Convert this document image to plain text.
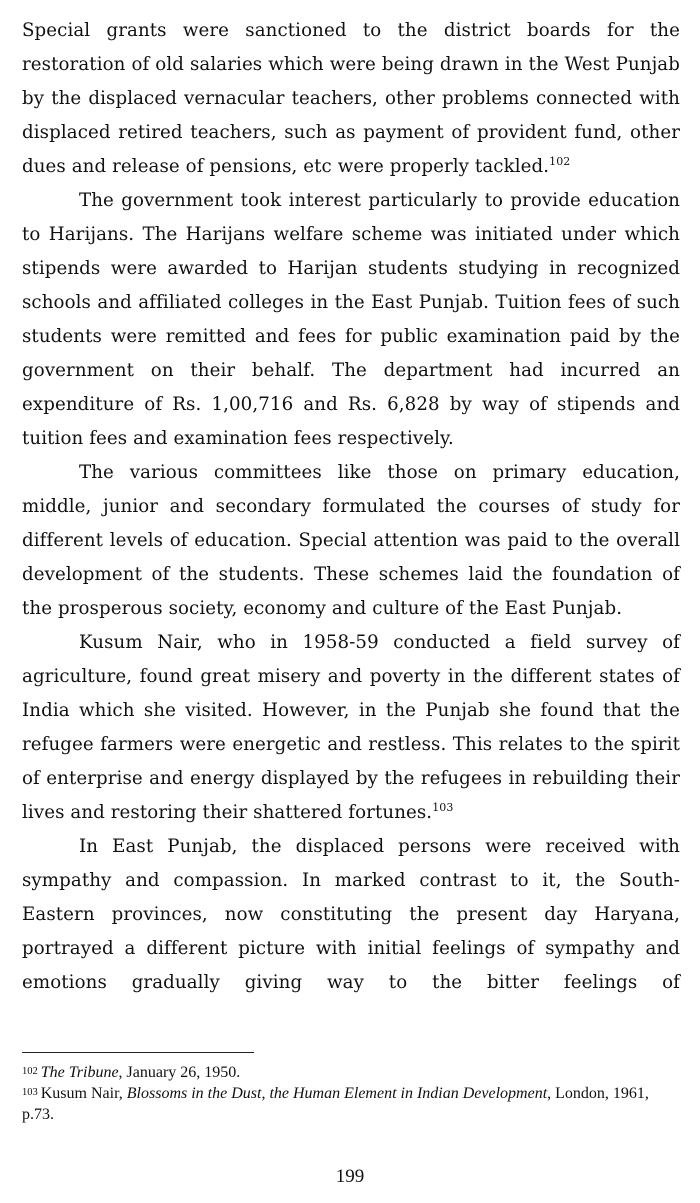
Special grants were sanctioned to the district boards for the restoration of old salaries which were being drawn in the West Punjab by the displaced vernacular teachers, other problems connected with displaced retired teachers, such as payment of provident fund, other dues and release of pensions, etc were properly tackled.$^{102}$

The government took interest particularly to provide education to Harijans. The Harijans welfare scheme was initiated under which stipends were awarded to Harijan students studying in recognized schools and affiliated colleges in the East Punjab. Tuition fees of such students were remitted and fees for public examination paid by the government on their behalf. The department had incurred an expenditure of Rs. 1,00,716 and Rs. 6,828 by way of stipends and tuition fees and examination fees respectively.

The various committees like those on primary education, middle, junior and secondary formulated the courses of study for different levels of education. Special attention was paid to the overall development of the students. These schemes laid the foundation of the prosperous society, economy and culture of the East Punjab.

Kusum Nair, who in 1958-59 conducted a field survey of agriculture, found great misery and poverty in the different states of India which she visited. However, in the Punjab she found that the refugee farmers were energetic and restless. This relates to the spirit of enterprise and energy displayed by the refugees in rebuilding their lives and restoring their shattered fortunes.$^{103}$

In East Punjab, the displaced persons were received with sympathy and compassion. In marked contrast to it, the South-Eastern provinces, now constituting the present day Haryana, portrayed a different picture with initial feelings of sympathy and emotions gradually giving way to the bitter feelings of

102 The Tribune, January 26, 1950.

103 Kusum Nair, Blossoms in the Dust, the Human Element in Indian Development, London, 1961, p.73.

199
